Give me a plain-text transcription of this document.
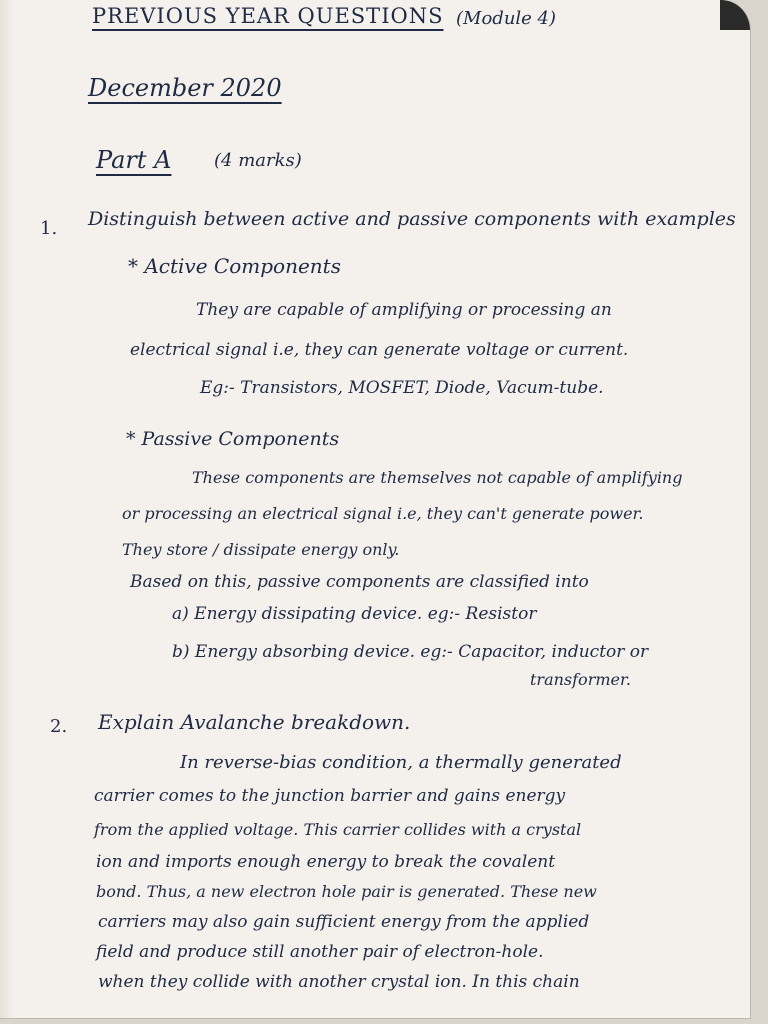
PREVIOUS YEAR QUESTIONS (Module 4)
December 2020
Part A (4 marks)
1. Distinguish between active and passive components with examples
* Active Components
They are capable of amplifying or processing an
electrical signal i.e, they can generate voltage or current.
Eg:- Transistors, MOSFET, Diode, Vacum-tube.
* Passive Components
These components are themselves not capable of amplifying
or processing an electrical signal i.e, they can't generate power.
They store / dissipate energy only.
Based on this, passive components are classified into
a) Energy dissipating device. eg:- Resistor
b) Energy absorbing device. eg:- Capacitor, inductor or
transformer.
2. Explain Avalanche breakdown.
In reverse-bias condition, a thermally generated
carrier comes to the junction barrier and gains energy
from the applied voltage. This carrier collides with a crystal
ion and imports enough energy to break the covalent
bond. Thus, a new electron hole pair is generated. These new
carriers may also gain sufficient energy from the applied
field and produce still another pair of electron-hole.
when they collide with another crystal ion. In this chain
